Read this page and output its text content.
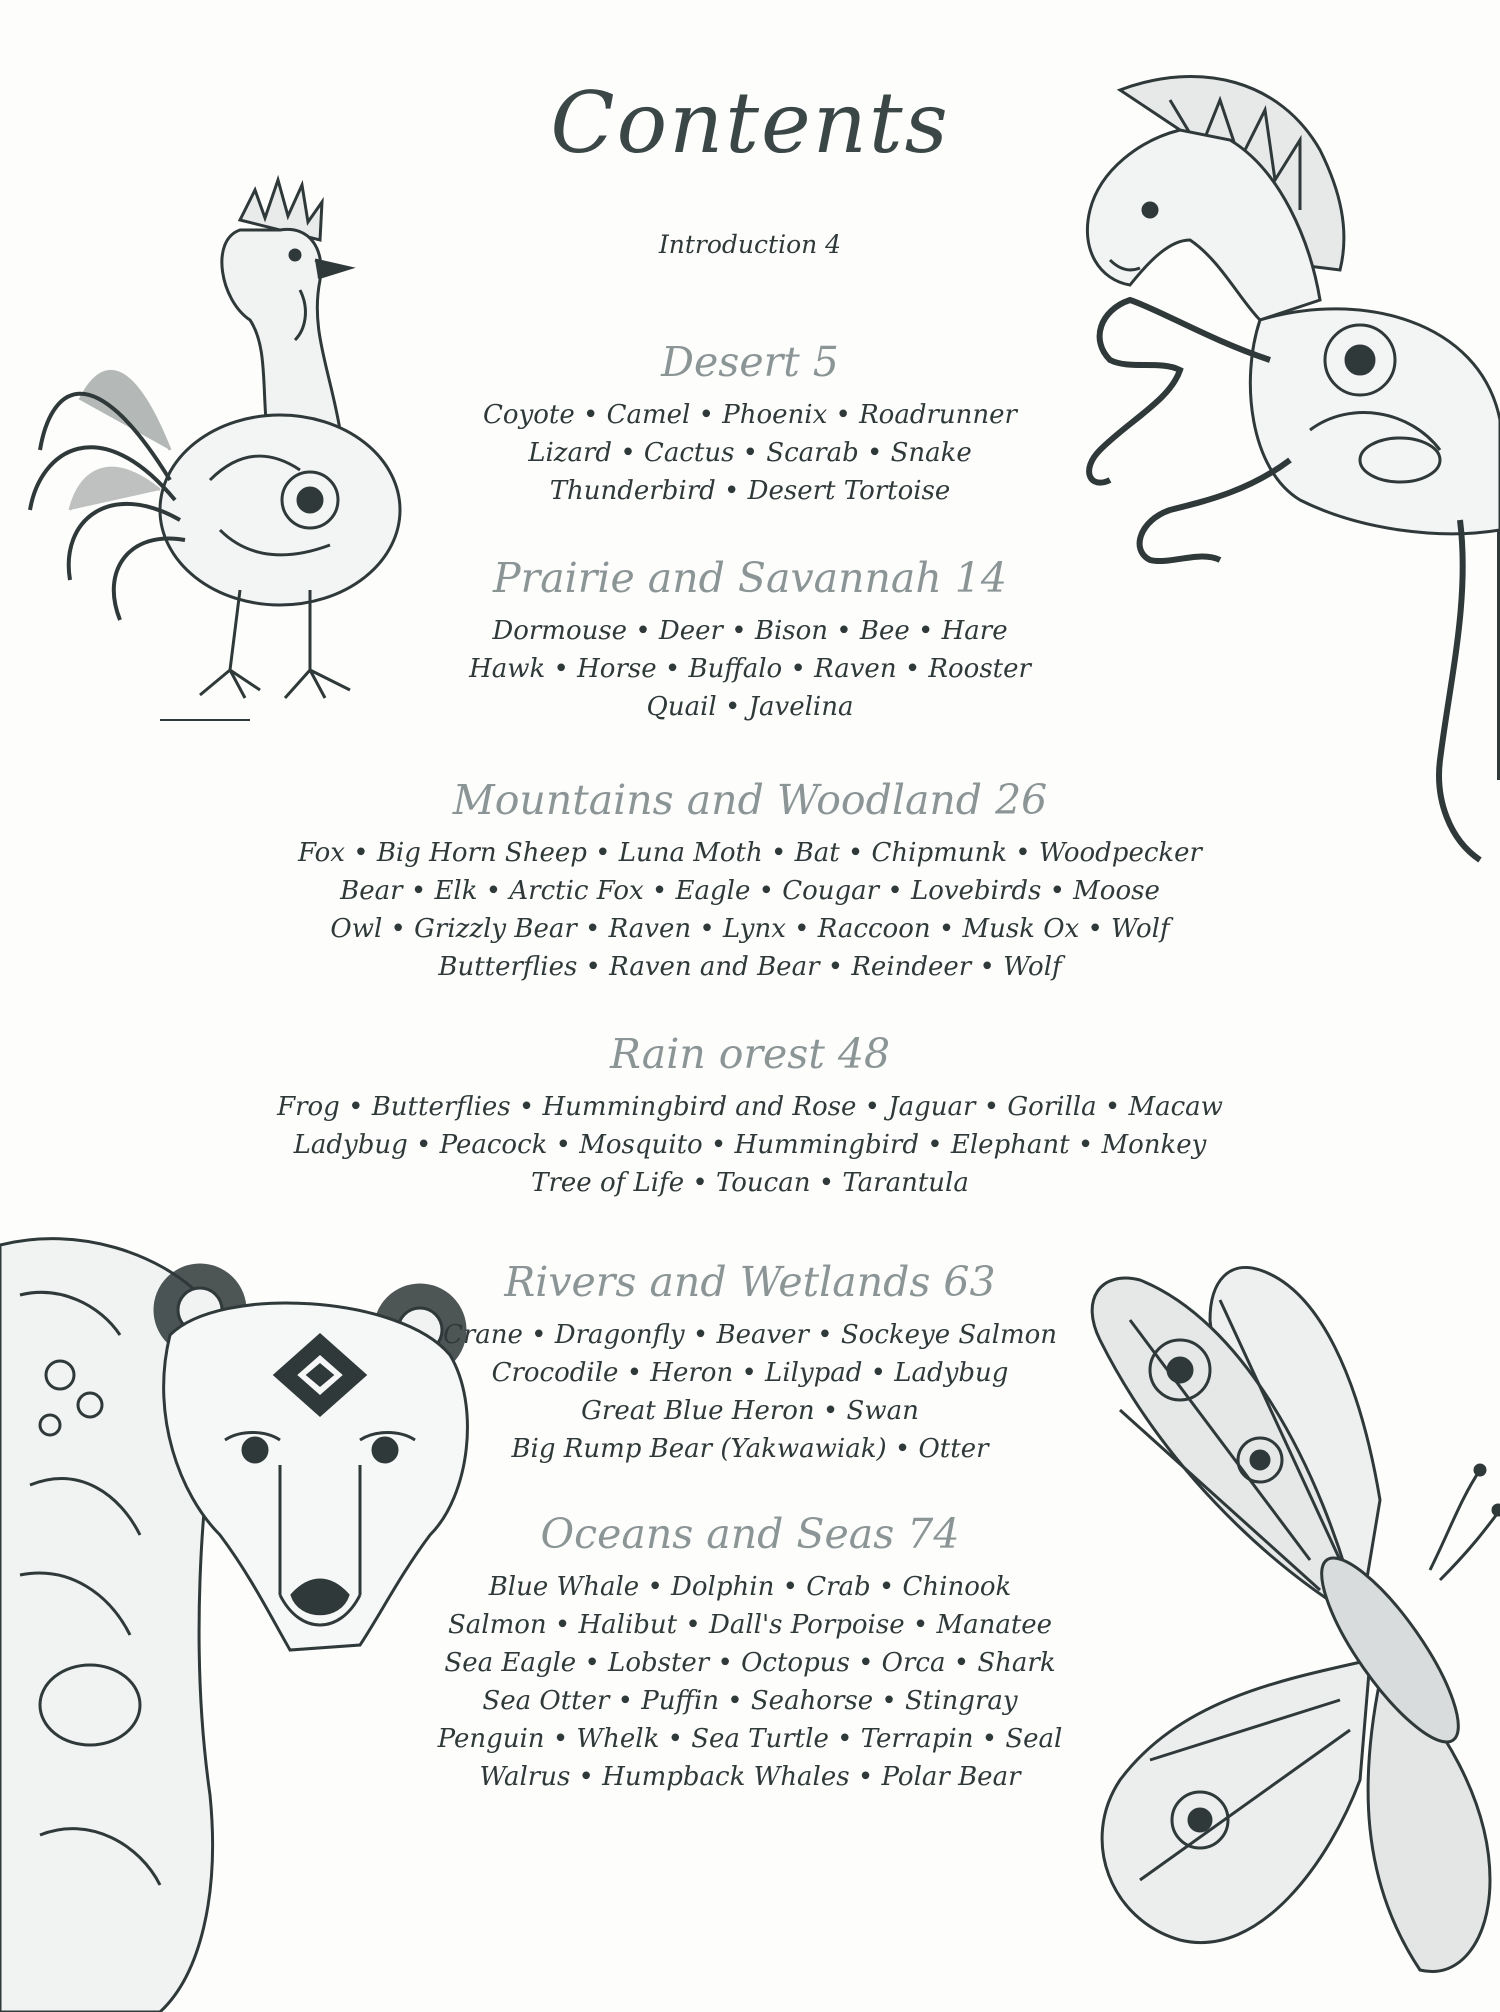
Contents
Introduction 4
Desert 5
Coyote • Camel • Phoenix • Roadrunner
Lizard • Cactus • Scarab • Snake
Thunderbird • Desert Tortoise
Prairie and Savannah 14
Dormouse • Deer • Bison • Bee • Hare
Hawk • Horse • Buffalo • Raven • Rooster
Quail • Javelina
Mountains and Woodland 26
Fox • Big Horn Sheep • Luna Moth • Bat • Chipmunk • Woodpecker
Bear • Elk • Arctic Fox • Eagle • Cougar • Lovebirds • Moose
Owl • Grizzly Bear • Raven • Lynx • Raccoon • Musk Ox • Wolf
Butterflies • Raven and Bear • Reindeer • Wolf
Rain orest 48
Frog • Butterflies • Hummingbird and Rose • Jaguar • Gorilla • Macaw
Ladybug • Peacock • Mosquito • Hummingbird • Elephant • Monkey
Tree of Life • Toucan • Tarantula
Rivers and Wetlands 63
Crane • Dragonfly • Beaver • Sockeye Salmon
Crocodile • Heron • Lilypad • Ladybug
Great Blue Heron • Swan
Big Rump Bear (Yakwawiak) • Otter
Oceans and Seas 74
Blue Whale • Dolphin • Crab • Chinook
Salmon • Halibut • Dall's Porpoise • Manatee
Sea Eagle • Lobster • Octopus • Orca • Shark
Sea Otter • Puffin • Seahorse • Stingray
Penguin • Whelk • Sea Turtle • Terrapin • Seal
Walrus • Humpback Whales • Polar Bear
